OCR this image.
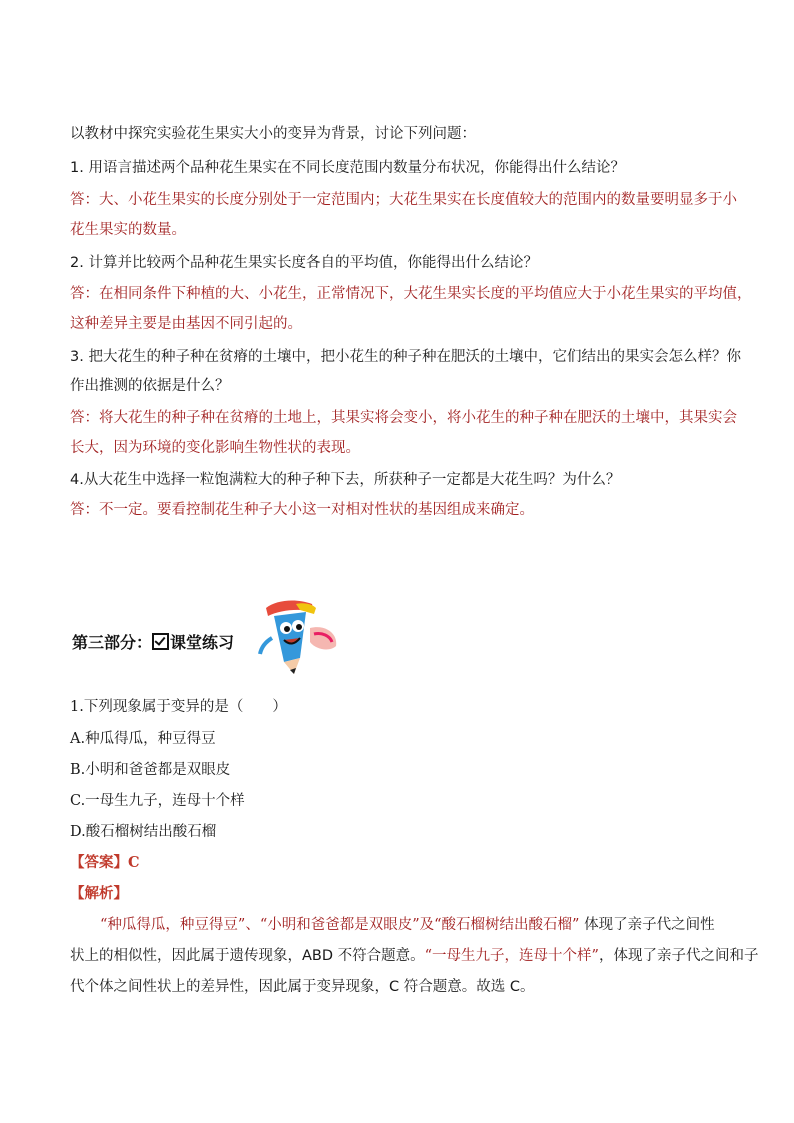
以教材中探究实验花生果实大小的变异为背景，讨论下列问题：
1. 用语言描述两个品种花生果实在不同长度范围内数量分布状况，你能得出什么结论？
答：大、小花生果实的长度分别处于一定范围内；大花生果实在长度值较大的范围内的数量要明显多于小
花生果实的数量。
2. 计算并比较两个品种花生果实长度各自的平均值，你能得出什么结论？
答：在相同条件下种植的大、小花生，正常情况下，大花生果实长度的平均值应大于小花生果实的平均值，
这种差异主要是由基因不同引起的。
3. 把大花生的种子种在贫瘠的土壤中，把小花生的种子种在肥沃的土壤中，它们结出的果实会怎么样？你
作出推测的依据是什么？
答：将大花生的种子种在贫瘠的土地上，其果实将会变小，将小花生的种子种在肥沃的土壤中，其果实会
长大，因为环境的变化影响生物性状的表现。
4.从大花生中选择一粒饱满粒大的种子种下去，所获种子一定都是大花生吗？为什么？
答：不一定。要看控制花生种子大小这一对相对性状的基因组成来确定。
第三部分： 课堂练习
1.下列现象属于变异的是（　　）
A.种瓜得瓜，种豆得豆
B.小明和爸爸都是双眼皮
C.一母生九子，连母十个样
D.酸石榴树结出酸石榴
【答案】C
【解析】
“种瓜得瓜，种豆得豆”、“小明和爸爸都是双眼皮”及“酸石榴树结出酸石榴” 体现了亲子代之间性
状上的相似性，因此属于遗传现象，ABD 不符合题意。“一母生九子，连母十个样”，体现了亲子代之间和子
代个体之间性状上的差异性，因此属于变异现象，C 符合题意。故选 C。
